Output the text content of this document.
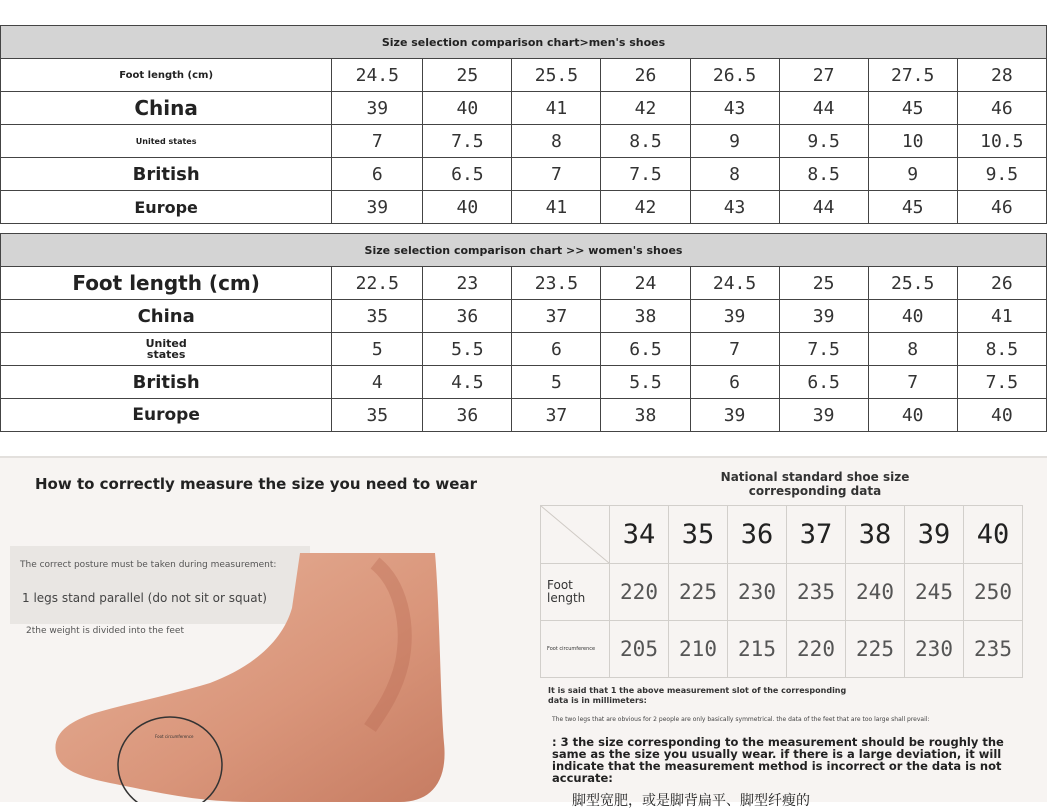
Size selection comparison chart>men's shoes								
Foot length (cm)	24.5	25	25.5	26	26.5	27	27.5	28
China	39	40	41	42	43	44	45	46
United states	7	7.5	8	8.5	9	9.5	10	10.5
British	6	6.5	7	7.5	8	8.5	9	9.5
Europe	39	40	41	42	43	44	45	46
Size selection comparison chart >> women's shoes								
Foot length (cm)	22.5	23	23.5	24	24.5	25	25.5	26
China	35	36	37	38	39	39	40	41

United states	5	5.5	6	6.5	7	7.5	8	8.5
British	4	4.5	5	5.5	6	6.5	7	7.5
Europe	35	36	37	38	39	39	40	40
How to correctly measure the size you need to wear
Foot circumference
The correct posture must be taken during measurement:
1 legs stand parallel (do not sit or squat)
2the weight is divided into the feet
National standard shoe size corresponding data
	34	35	36	37	38	39	40

Foot length	220	225	230	235	240	245	250
Foot circumference	205	210	215	220	225	230	235
It is said that 1 the above measurement slot of the corresponding data is in millimeters:
The two legs that are obvious for 2 people are only basically symmetrical. the data of the feet that are too large shall prevail:
: 3 the size corresponding to the measurement should be roughly the same as the size you usually wear. if there is a large deviation, it will indicate that the measurement method is incorrect or the data is not accurate:
脚型宽肥，或是脚背扁平、脚型纤瘦的
